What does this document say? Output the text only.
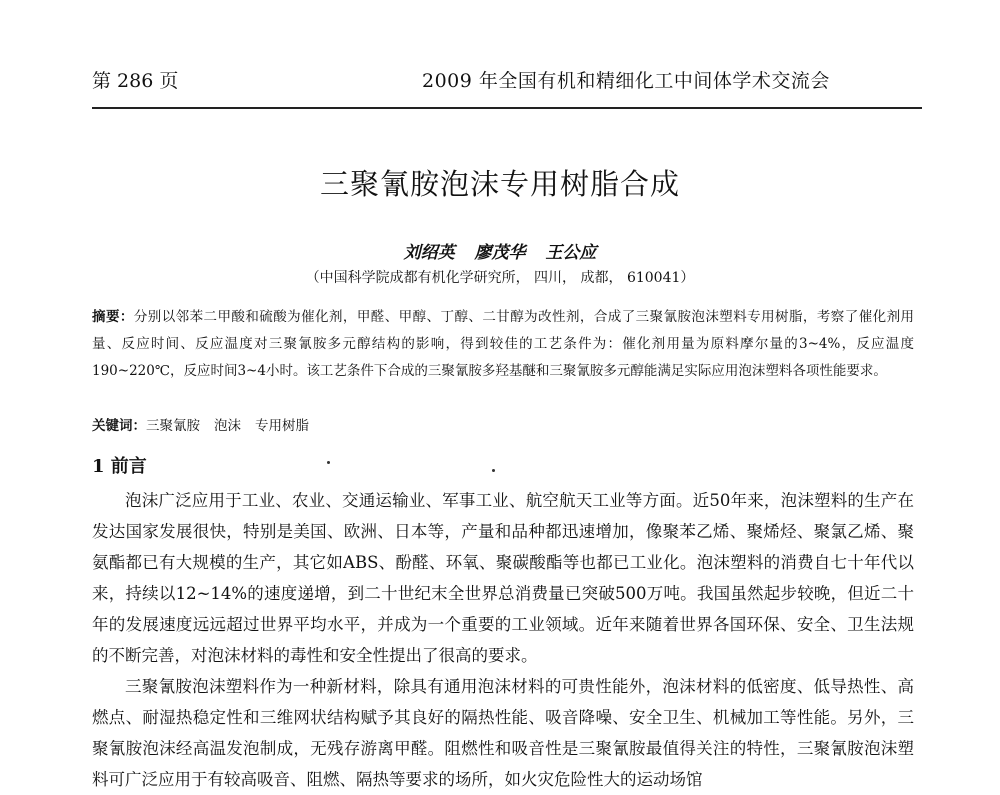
第 286 页	2009 年全国有机和精细化工中间体学术交流会
三聚氰胺泡沫专用树脂合成
刘绍英 廖茂华 王公应
（中国科学院成都有机化学研究所， 四川， 成都， 610041）
摘要：分别以邻苯二甲酸和硫酸为催化剂，甲醛、甲醇、丁醇、二甘醇为改性剂，合成了三聚氰胺泡沫塑料专用树脂，考察了催化剂用量、反应时间、反应温度对三聚氰胺多元醇结构的影响，得到较佳的工艺条件为：催化剂用量为原料摩尔量的3~4%，反应温度190~220℃，反应时间3~4小时。该工艺条件下合成的三聚氰胺多羟基醚和三聚氰胺多元醇能满足实际应用泡沫塑料各项性能要求。
关键词：三聚氰胺 泡沫 专用树脂
1 前言

泡沫广泛应用于工业、农业、交通运输业、军事工业、航空航天工业等方面。近50年来，泡沫塑料的生产在发达国家发展很快，特别是美国、欧洲、日本等，产量和品种都迅速增加，像聚苯乙烯、聚烯烃、聚氯乙烯、聚氨酯都已有大规模的生产，其它如ABS、酚醛、环氧、聚碳酸酯等也都已工业化。泡沫塑料的消费自七十年代以来，持续以12~14%的速度递增，到二十世纪末全世界总消费量已突破500万吨。我国虽然起步较晚，但近二十年的发展速度远远超过世界平均水平，并成为一个重要的工业领域。近年来随着世界各国环保、安全、卫生法规的不断完善，对泡沫材料的毒性和安全性提出了很高的要求。

三聚氰胺泡沫塑料作为一种新材料，除具有通用泡沫材料的可贵性能外，泡沫材料的低密度、低导热性、高燃点、耐湿热稳定性和三维网状结构赋予其良好的隔热性能、吸音降噪、安全卫生、机械加工等性能。另外，三聚氰胺泡沫经高温发泡制成，无残存游离甲醛。阻燃性和吸音性是三聚氰胺最值得关注的特性，三聚氰胺泡沫塑料可广泛应用于有较高吸音、阻燃、隔热等要求的场所，如火灾危险性大的运动场馆
